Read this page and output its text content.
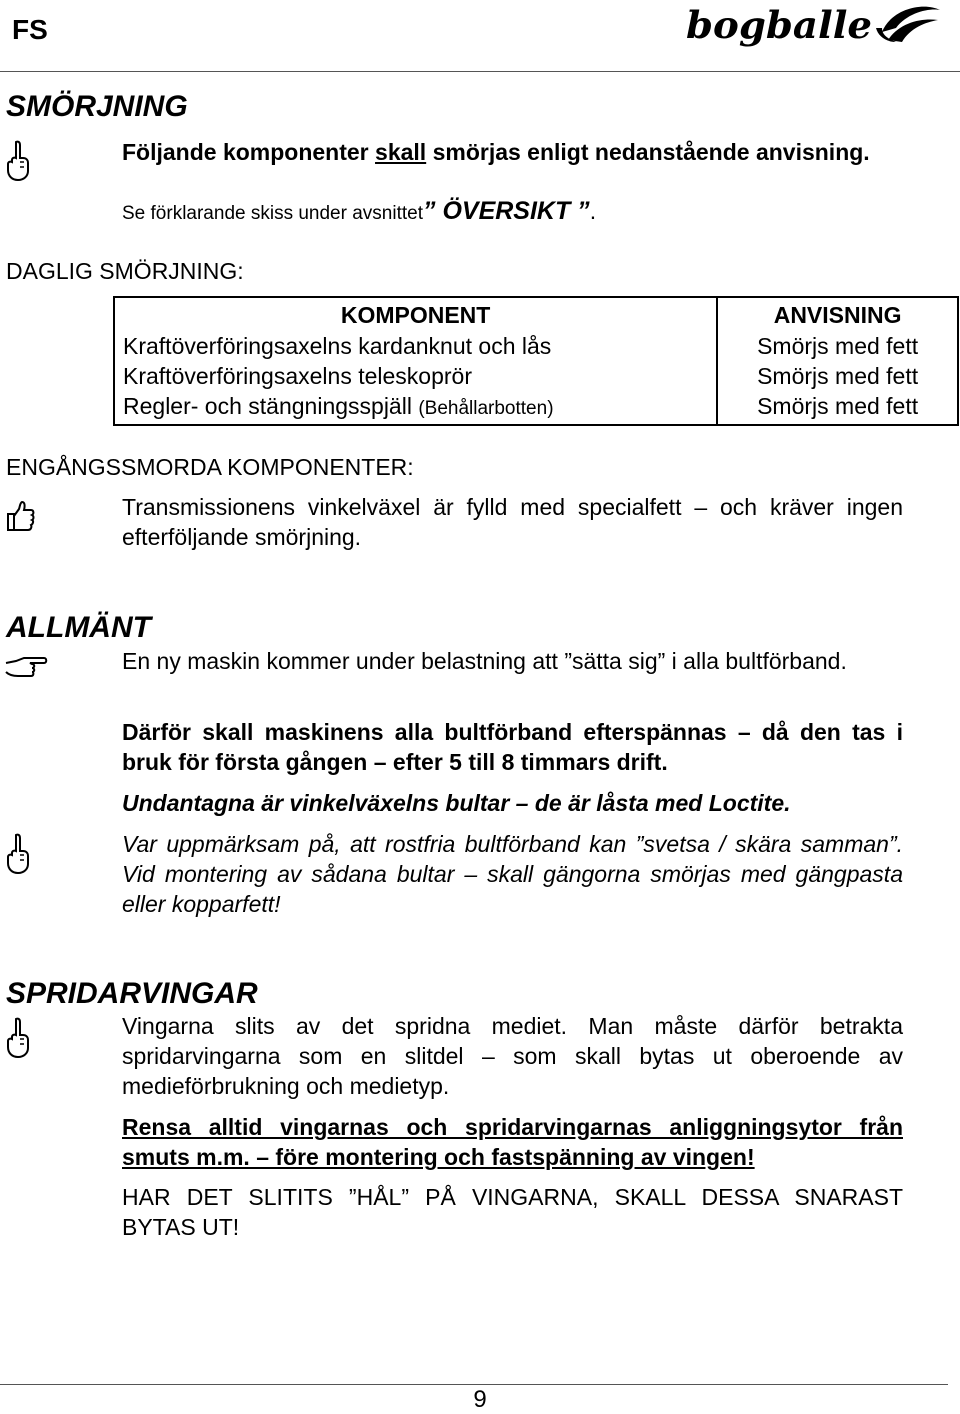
FS	bogballe
SMÖRJNING
Följande komponenter skall smörjas enligt nedanstående anvisning.
Se förklarande skiss under avsnittet” ÖVERSIKT ”.
DAGLIG SMÖRJNING:
KOMPONENT	ANVISNING
Kraftöverföringsaxelns kardanknut och lås	Smörjs med fett
Kraftöverföringsaxelns teleskoprör	Smörjs med fett
Regler- och stängningsspjäll (Behållarbotten)	Smörjs med fett
ENGÅNGSSMORDA KOMPONENTER:
Transmissionens vinkelväxel är fylld med specialfett – och kräver ingen efterföljande smörjning.
ALLMÄNT
En ny maskin kommer under belastning att ”sätta sig” i alla bultförband.
Därför skall maskinens alla bultförband efterspännas – då den tas i bruk för första gången – efter 5 till 8 timmars drift.
Undantagna är vinkelväxelns bultar – de är låsta med Loctite.
Var uppmärksam på, att rostfria bultförband kan ”svetsa / skära samman”. Vid montering av sådana bultar – skall gängorna smörjas med gängpasta eller kopparfett!
SPRIDARVINGAR
Vingarna slits av det spridna mediet. Man måste därför betrakta spridarvingarna som en slitdel – som skall bytas ut oberoende av medieförbrukning och medietyp.
Rensa alltid vingarnas och spridarvingarnas anliggningsytor från smuts m.m. – före montering och fastspänning av vingen!
HAR DET SLITITS ”HÅL” PÅ VINGARNA, SKALL DESSA SNARAST BYTAS UT!
9
